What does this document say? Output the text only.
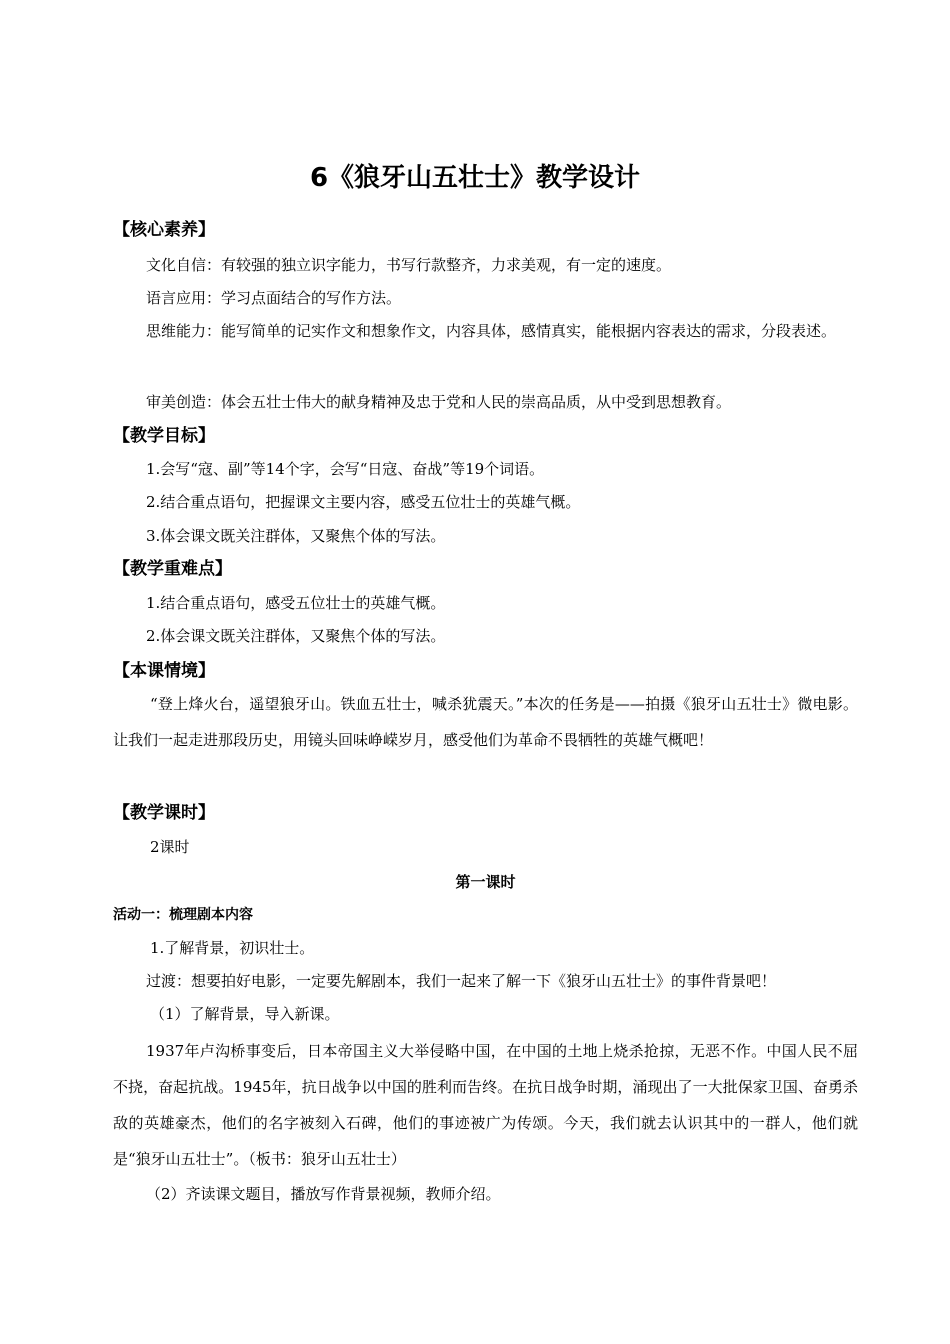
6《狼牙山五壮士》教学设计
【核心素养】
文化自信：有较强的独立识字能力，书写行款整齐，力求美观，有一定的速度。
语言应用：学习点面结合的写作方法。
思维能力：能写简单的记实作文和想象作文，内容具体，感情真实，能根据内容表达的需求，分段表述。
审美创造：体会五壮士伟大的献身精神及忠于党和人民的崇高品质，从中受到思想教育。
【教学目标】
1.会写“寇、副”等14个字，会写“日寇、奋战”等19个词语。
2.结合重点语句，把握课文主要内容，感受五位壮士的英雄气概。
3.体会课文既关注群体，又聚焦个体的写法。
【教学重难点】
1.结合重点语句，感受五位壮士的英雄气概。
2.体会课文既关注群体，又聚焦个体的写法。
【本课情境】
“登上烽火台，遥望狼牙山。铁血五壮士，喊杀犹震天。”本次的任务是——拍摄《狼牙山五壮士》微电影。让我们一起走进那段历史，用镜头回味峥嵘岁月，感受他们为革命不畏牺牲的英雄气概吧！
【教学课时】
2课时
第一课时
活动一：梳理剧本内容
1.了解背景，初识壮士。
过渡：想要拍好电影，一定要先解剧本，我们一起来了解一下《狼牙山五壮士》的事件背景吧！
（1）了解背景，导入新课。
1937年卢沟桥事变后，日本帝国主义大举侵略中国，在中国的土地上烧杀抢掠，无恶不作。中国人民不屈不挠，奋起抗战。1945年，抗日战争以中国的胜利而告终。在抗日战争时期，涌现出了一大批保家卫国、奋勇杀敌的英雄豪杰，他们的名字被刻入石碑，他们的事迹被广为传颂。今天，我们就去认识其中的一群人，他们就是“狼牙山五壮士”。（板书：狼牙山五壮士）
（2）齐读课文题目，播放写作背景视频，教师介绍。
